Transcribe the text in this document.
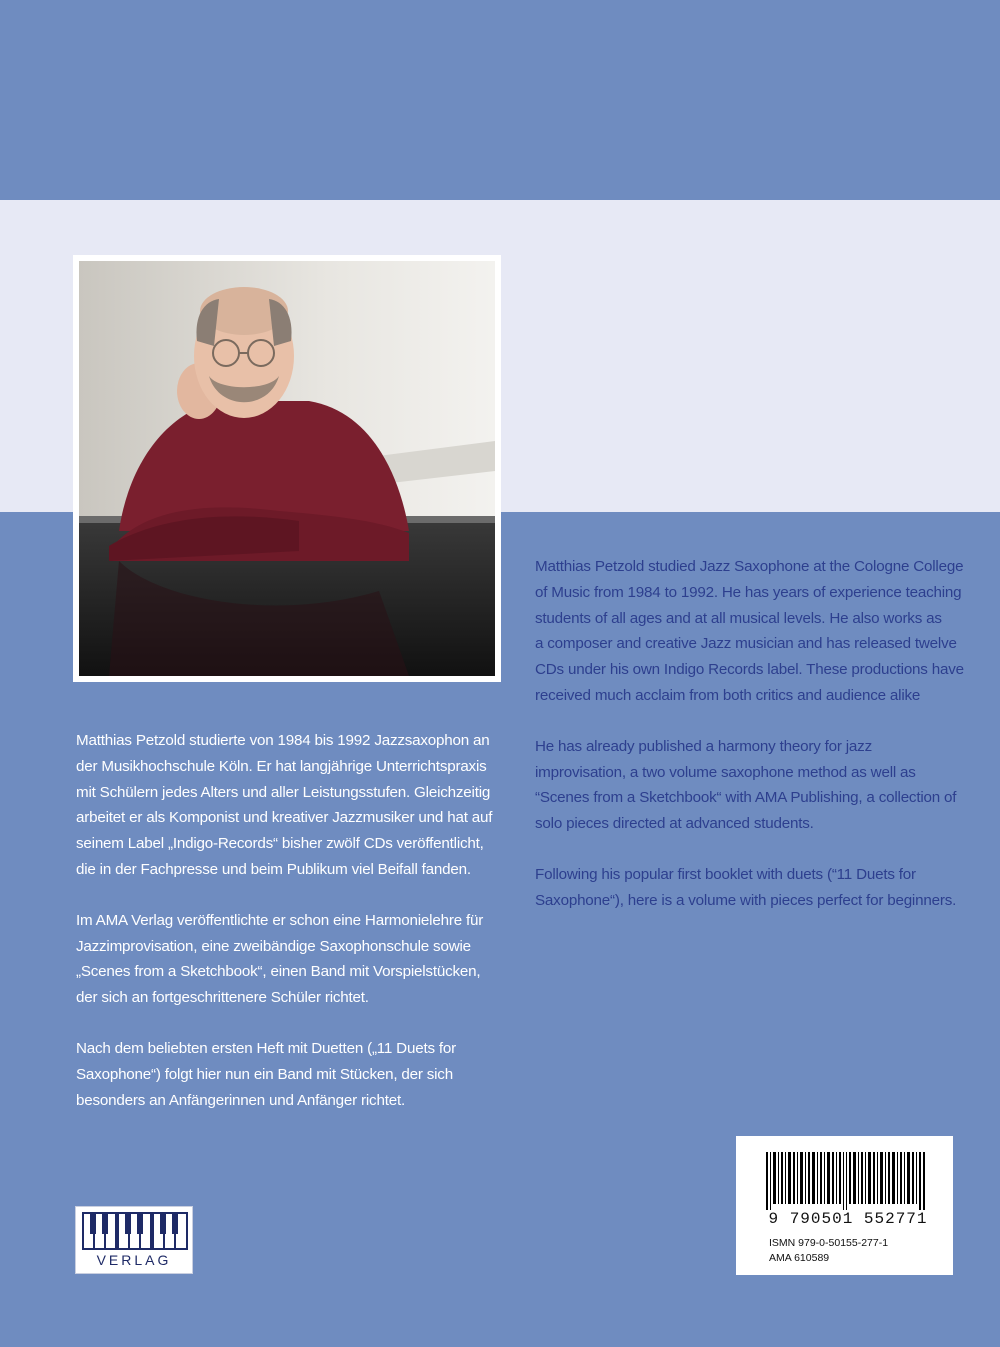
Matthias Petzold studierte von 1984 bis 1992 Jazzsaxophon an
der Musikhochschule Köln. Er hat langjährige Unterrichtspraxis
mit Schülern jedes Alters und aller Leistungsstufen. Gleichzeitig
arbeitet er als Komponist und kreativer Jazzmusiker und hat auf
seinem Label „Indigo-Records“ bisher zwölf CDs veröffentlicht,
die in der Fachpresse und beim Publikum viel Beifall fanden.

Im AMA Verlag veröffentlichte er schon eine Harmonielehre für
Jazzimprovisation, eine zweibändige Saxophonschule sowie
„Scenes from a Sketchbook“, einen Band mit Vorspielstücken,
der sich an fortgeschrittenere Schüler richtet.

Nach dem beliebten ersten Heft mit Duetten („11 Duets for
Saxophone“) folgt hier nun ein Band mit Stücken, der sich
besonders an Anfängerinnen und Anfänger richtet.

Matthias Petzold studied Jazz Saxophone at the Cologne College
of Music from 1984 to 1992. He has years of experience teaching
students of all ages and at all musical levels. He also works as
a composer and creative Jazz musician and has released twelve
CDs under his own Indigo Records label. These productions have
received much acclaim from both critics and audience alike

He has already published a harmony theory for jazz
improvisation, a two volume saxophone method as well as
“Scenes from a Sketchbook“ with AMA Publishing, a collection of
solo pieces directed at advanced students.

Following his popular first booklet with duets (“11 Duets for
Saxophone“), here is a volume with pieces perfect for beginners.

VERLAG
9 790501 552771
ISMN 979-0-50155-277-1
AMA 610589
